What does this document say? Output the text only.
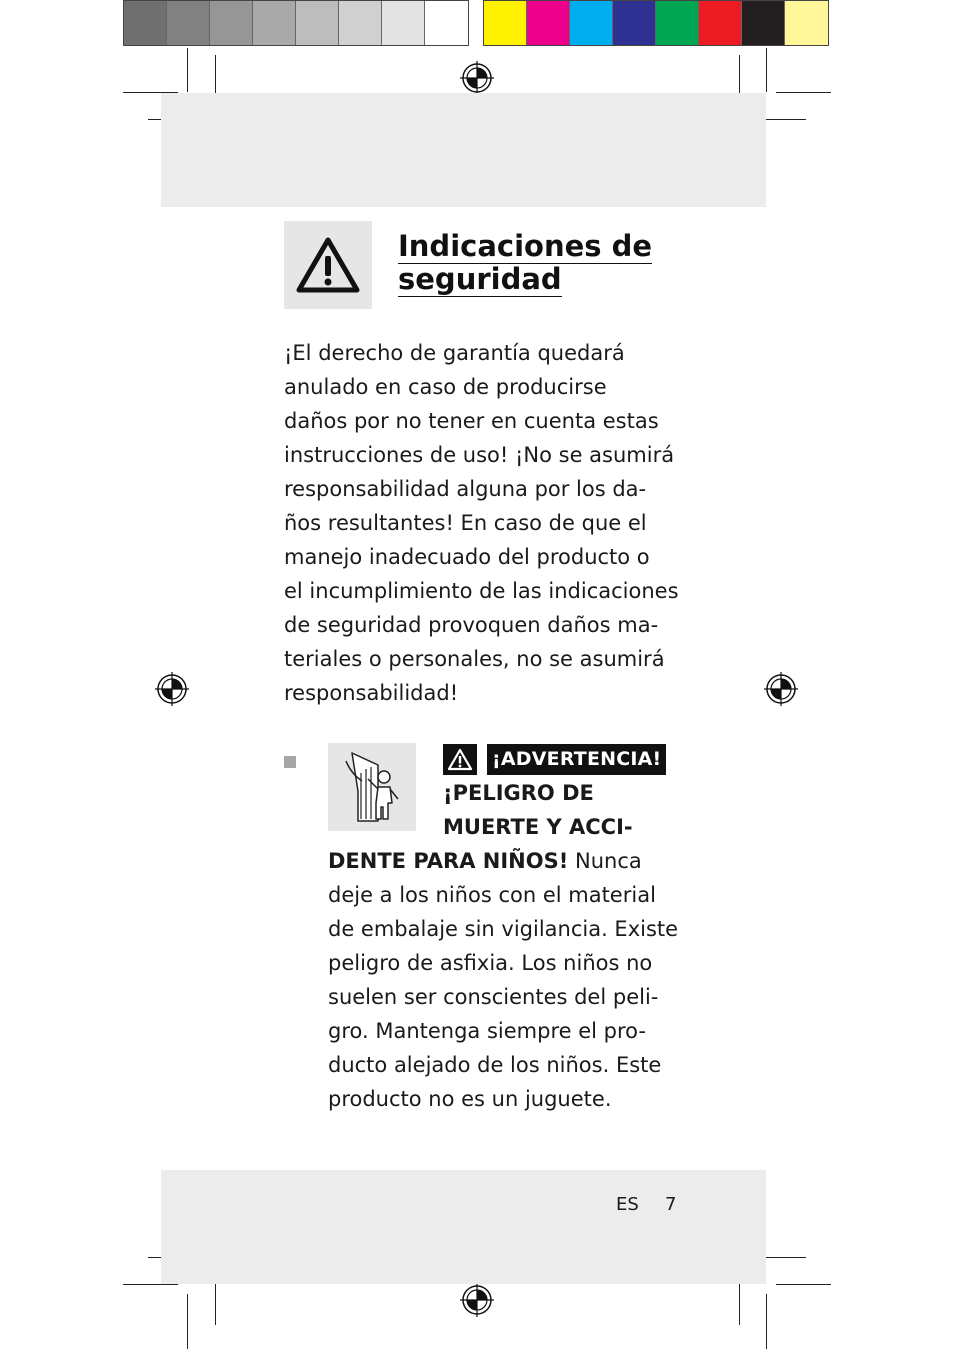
Indicaciones de
seguridad

¡El derecho de garantía quedará
anulado en caso de producirse
daños por no tener en cuenta estas
instrucciones de uso! ¡No se asumirá
responsabilidad alguna por los da-
ños resultantes! En caso de que el
manejo inadecuado del producto o
el incumplimiento de las indicaciones
de seguridad provoquen daños ma-
teriales o personales, no se asumirá
responsabilidad!

¡ADVERTENCIA!
¡PELIGRO DE
MUERTE Y ACCI-
DENTE PARA NIÑOS! Nunca
deje a los niños con el material
de embalaje sin vigilancia. Existe
peligro de asfixia. Los niños no
suelen ser conscientes del peli-
gro. Mantenga siempre el pro-
ducto alejado de los niños. Este
producto no es un juguete.
ES 7
